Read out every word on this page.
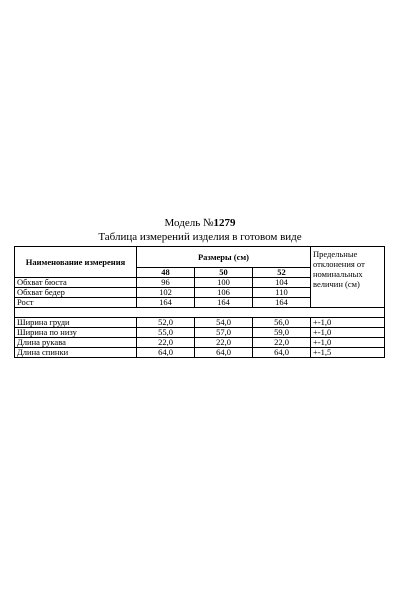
Модель №1279
Таблица измерений изделия в готовом виде
Наименование измерения	Размеры (см)			Предельные отклонения от номинальных величин (см)
	48	50	52	
Обхват бюста	96	100	104	
Обхват бедер	102	106	110	
Рост	164	164	164	

Ширина груди	52,0	54,0	56,0	+-1,0
Ширина по низу	55,0	57,0	59,0	+-1,0
Длина рукава	22,0	22,0	22,0	+-1,0
Длина спинки	64,0	64,0	64,0	+-1,5
